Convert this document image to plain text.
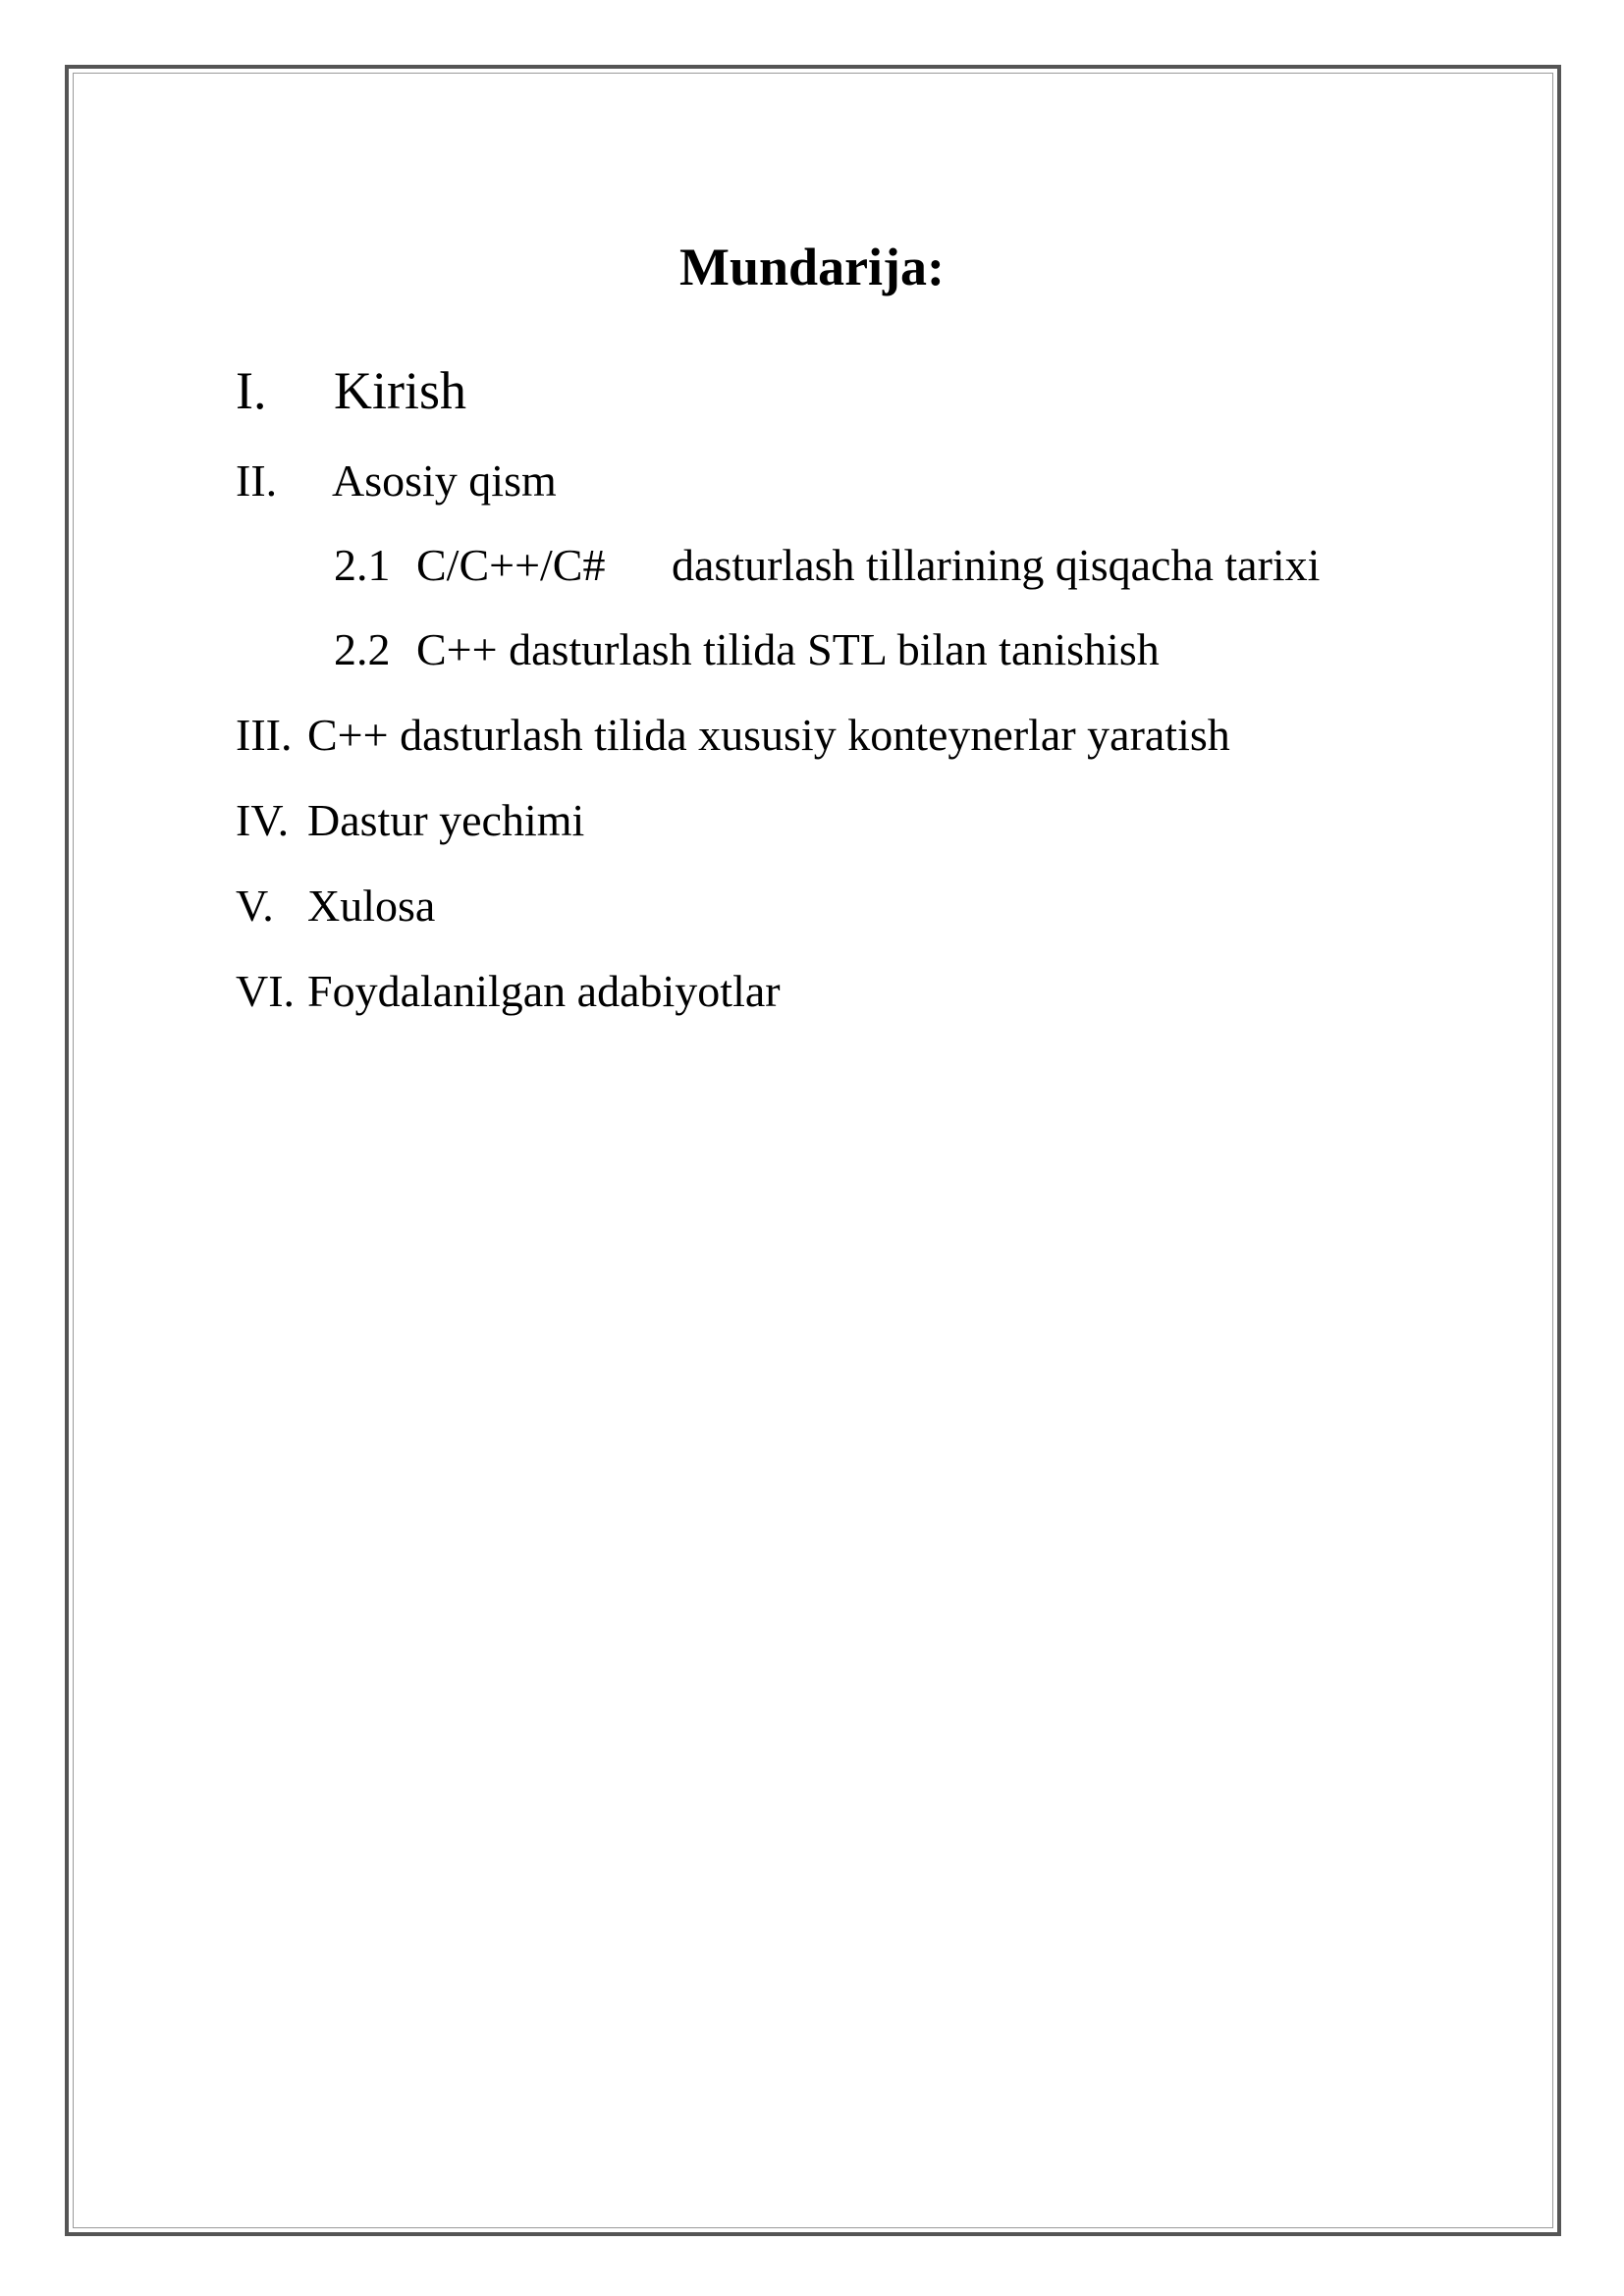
Mundarija:
I. Kirish
II. Asosiy qism
2.1 C/C++/C# dasturlash tillarining qisqacha tarixi
2.2 C++ dasturlash tilida STL bilan tanishish
III. C++ dasturlash tilida xususiy konteynerlar yaratish
IV. Dastur yechimi
V. Xulosa
VI. Foydalanilgan adabiyotlar
